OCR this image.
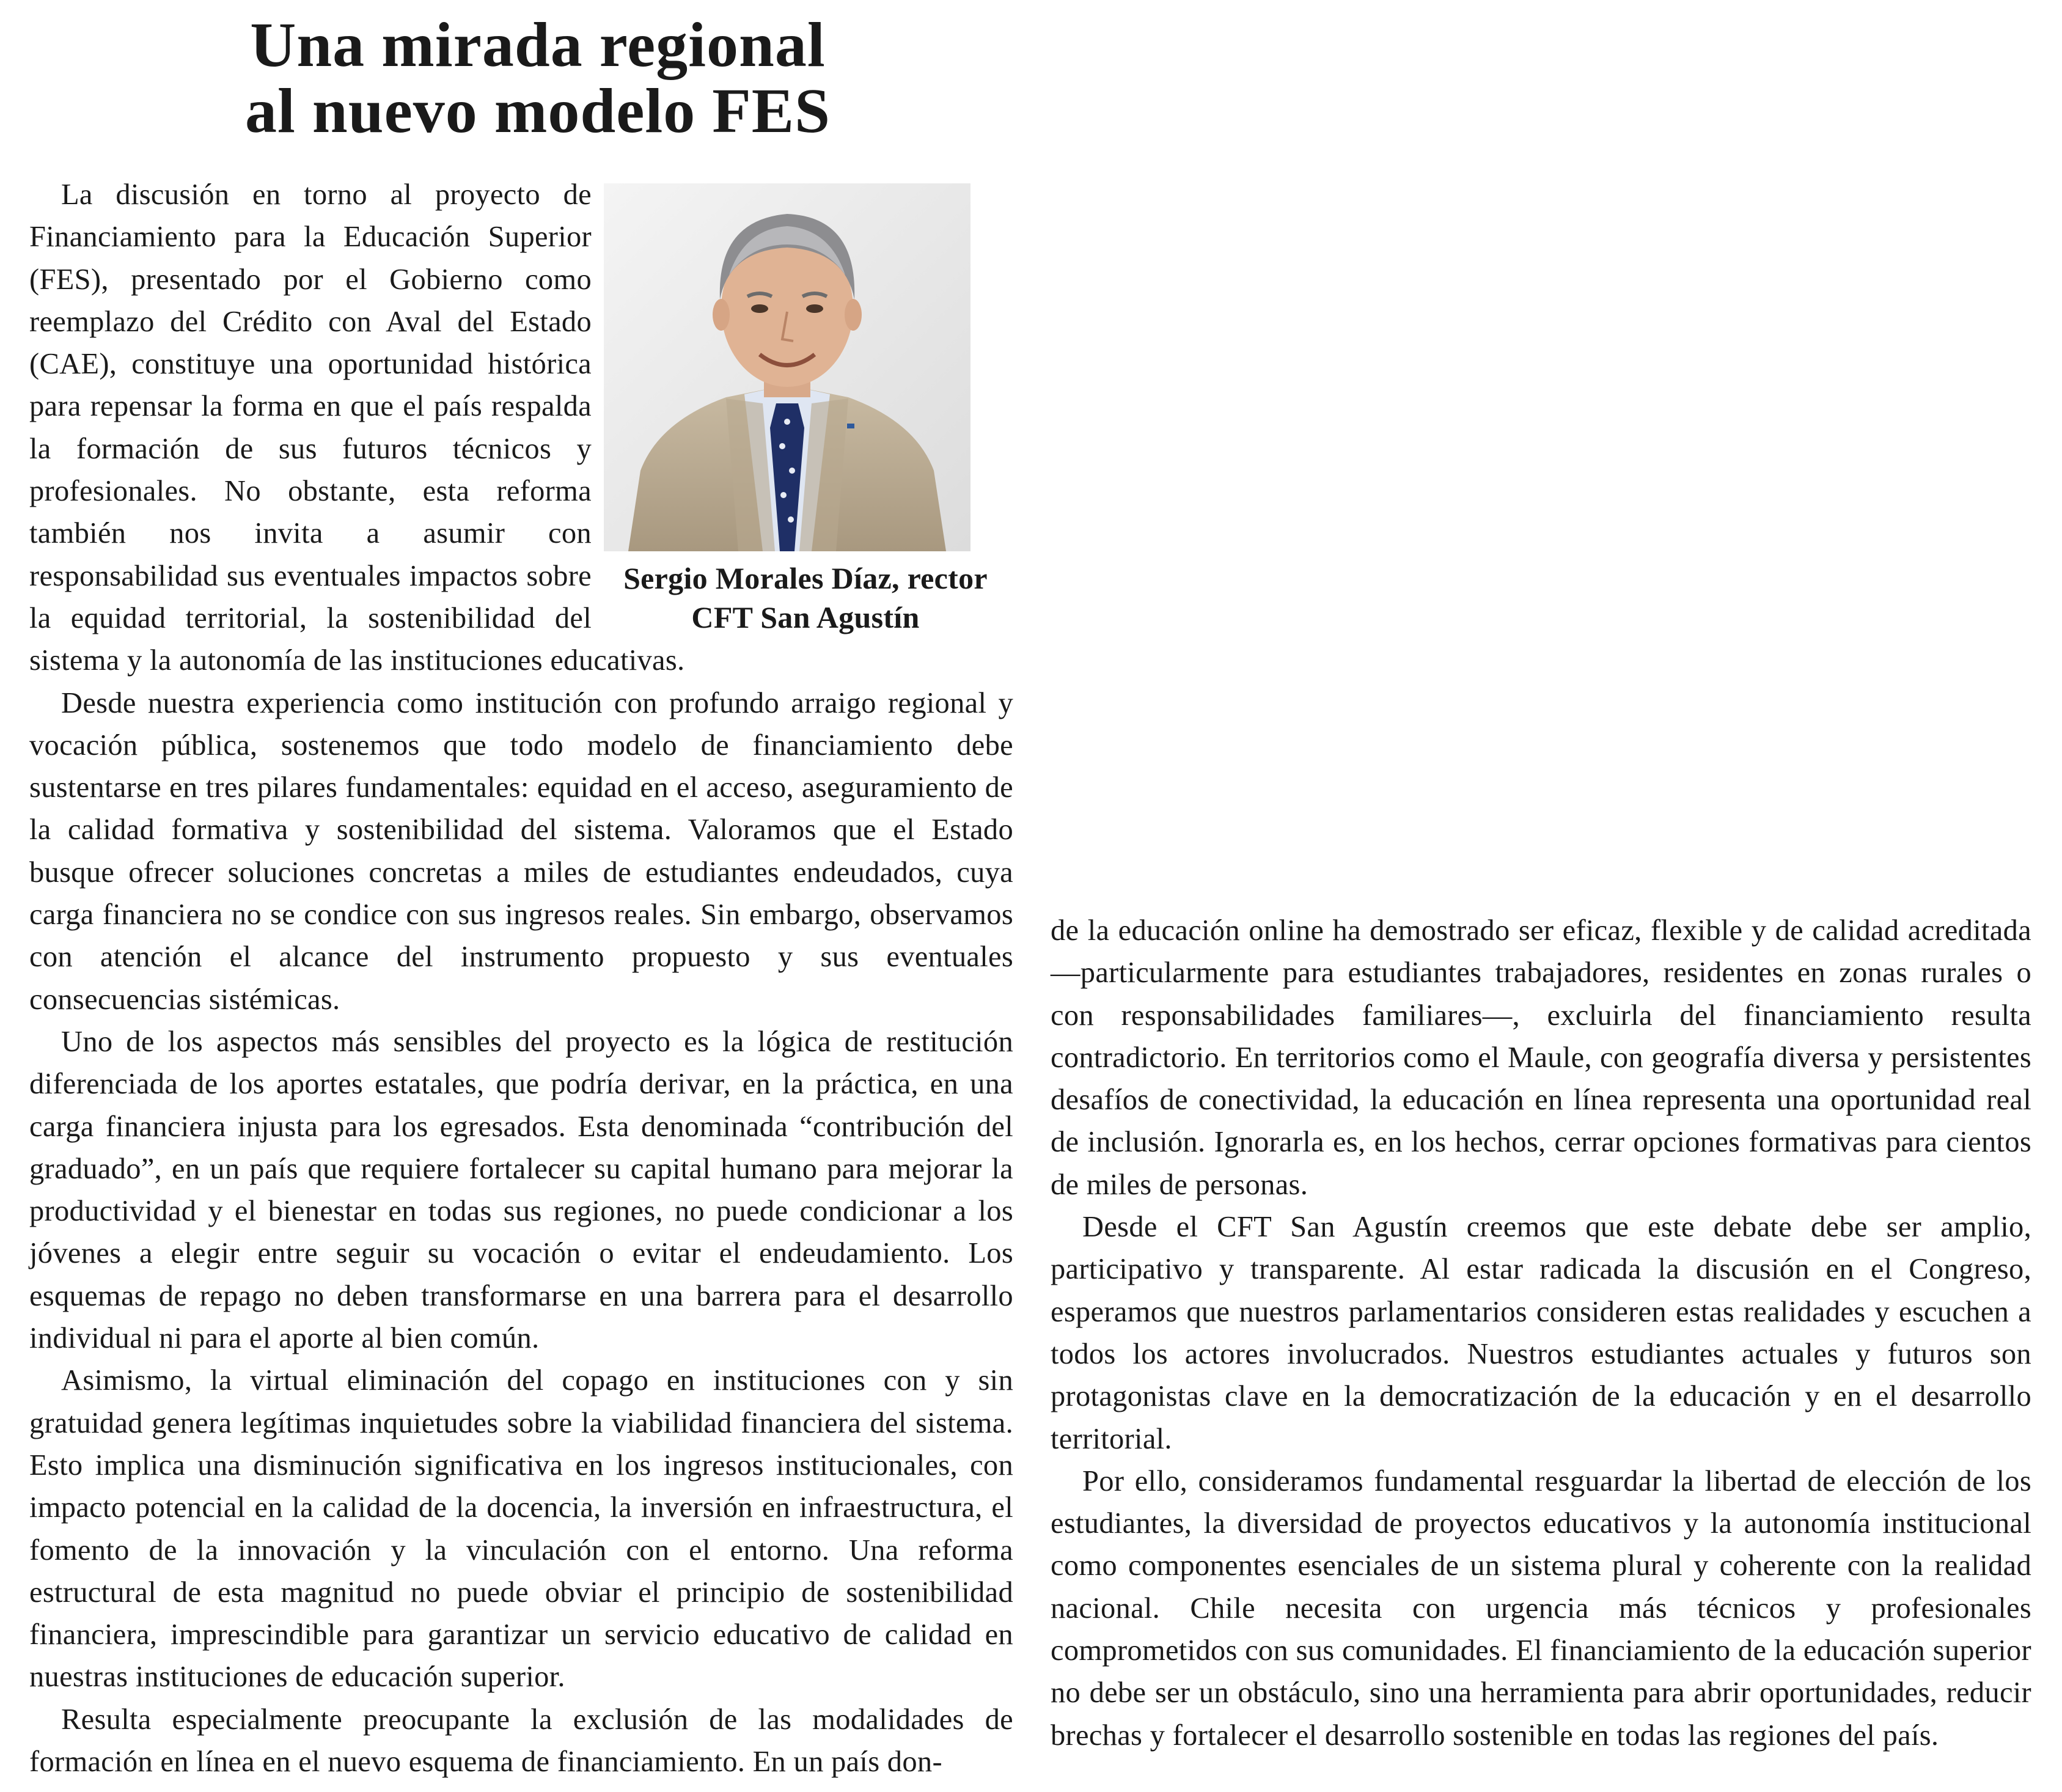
Una mirada regional
al nuevo modelo FES
Sergio Morales Díaz, rector
CFT San Agustín

La discusión en torno al proyecto de Financiamiento para la Educación Superior (FES), presentado por el Gobierno como reemplazo del Crédito con Aval del Estado (CAE), constituye una oportunidad histórica para repensar la forma en que el país respalda la formación de sus futuros técnicos y profesionales. No obstante, esta reforma también nos invita a asumir con responsabilidad sus eventuales impactos sobre la equidad territorial, la sostenibilidad del sistema y la autonomía de las instituciones educativas.

Desde nuestra experiencia como institución con profundo arraigo regional y vocación pública, sostenemos que todo modelo de financiamiento debe sustentarse en tres pilares fundamentales: equidad en el acceso, aseguramiento de la calidad formativa y sostenibilidad del sistema. Valoramos que el Estado busque ofrecer soluciones concretas a miles de estudiantes endeudados, cuya carga financiera no se condice con sus ingresos reales. Sin embargo, observamos con atención el alcance del instrumento propuesto y sus eventuales consecuencias sistémicas.

Uno de los aspectos más sensibles del proyecto es la lógica de restitución diferenciada de los aportes estatales, que podría derivar, en la práctica, en una carga financiera injusta para los egresados. Esta denominada “contribución del graduado”, en un país que requiere fortalecer su capital humano para mejorar la productividad y el bienestar en todas sus regiones, no puede condicionar a los jóvenes a elegir entre seguir su vocación o evitar el endeudamiento. Los esquemas de repago no deben transformarse en una barrera para el desarrollo individual ni para el aporte al bien común.

Asimismo, la virtual eliminación del copago en instituciones con y sin gratuidad genera legítimas inquietudes sobre la viabilidad financiera del sistema. Esto implica una disminución significativa en los ingresos institucionales, con impacto potencial en la calidad de la docencia, la inversión en infraestructura, el fomento de la innovación y la vinculación con el entorno. Una reforma estructural de esta magnitud no puede obviar el principio de sostenibilidad financiera, imprescindible para garantizar un servicio educativo de calidad en nuestras instituciones de educación superior.

Resulta especialmente preocupante la exclusión de las modalidades de formación en línea en el nuevo esquema de financiamiento. En un país don-

de la educación online ha demostrado ser eficaz, flexible y de calidad acreditada —particularmente para estudiantes trabajadores, residentes en zonas rurales o con responsabilidades familiares—, excluirla del financiamiento resulta contradictorio. En territorios como el Maule, con geografía diversa y persistentes desafíos de conectividad, la educación en línea representa una oportunidad real de inclusión. Ignorarla es, en los hechos, cerrar opciones formativas para cientos de miles de personas.

Desde el CFT San Agustín creemos que este debate debe ser amplio, participativo y transparente. Al estar radicada la discusión en el Congreso, esperamos que nuestros parlamentarios consideren estas realidades y escuchen a todos los actores involucrados. Nuestros estudiantes actuales y futuros son protagonistas clave en la democratización de la educación y en el desarrollo territorial.

Por ello, consideramos fundamental resguardar la libertad de elección de los estudiantes, la diversidad de proyectos educativos y la autonomía institucional como componentes esenciales de un sistema plural y coherente con la realidad nacional. Chile necesita con urgencia más técnicos y profesionales comprometidos con sus comunidades. El financiamiento de la educación superior no debe ser un obstáculo, sino una herramienta para abrir oportunidades, reducir brechas y fortalecer el desarrollo sostenible en todas las regiones del país.
